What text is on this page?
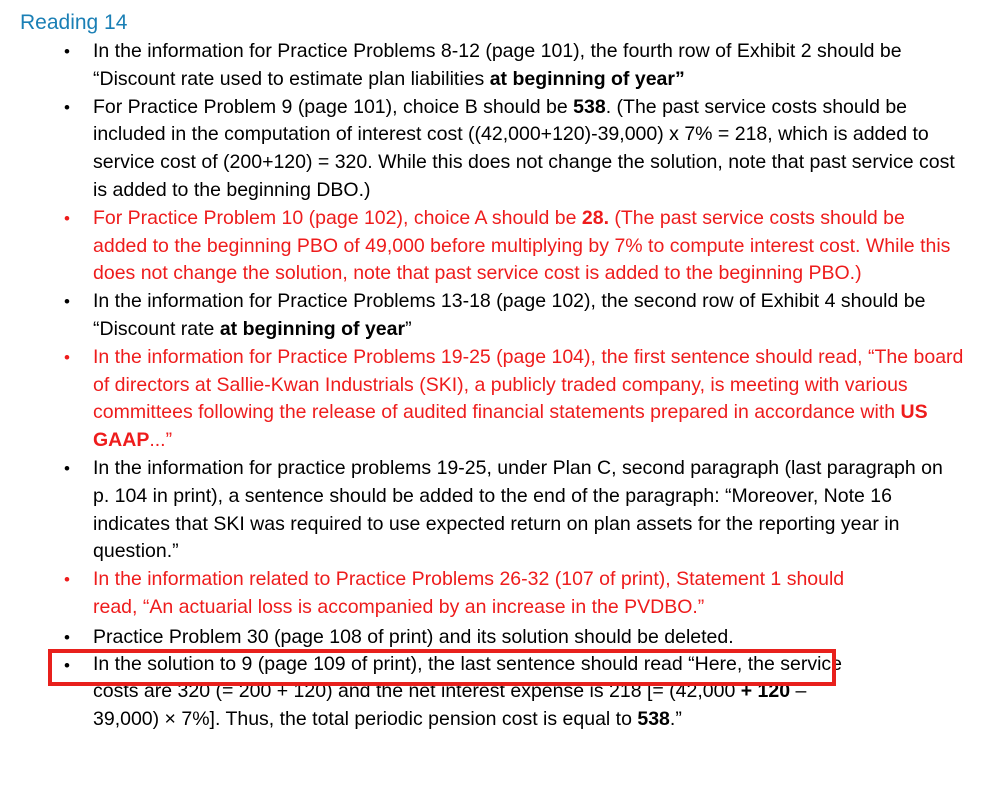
Reading 14
• In the information for Practice Problems 8-12 (page 101), the fourth row of Exhibit 2 should be “Discount rate used to estimate plan liabilities at beginning of year”
• For Practice Problem 9 (page 101), choice B should be 538. (The past service costs should be included in the computation of interest cost ((42,000+120)-39,000) x 7% = 218, which is added to service cost of (200+120) = 320. While this does not change the solution, note that past service cost is added to the beginning DBO.)
• For Practice Problem 10 (page 102), choice A should be 28. (The past service costs should be added to the beginning PBO of 49,000 before multiplying by 7% to compute interest cost. While this does not change the solution, note that past service cost is added to the beginning PBO.)
• In the information for Practice Problems 13-18 (page 102), the second row of Exhibit 4 should be “Discount rate at beginning of year”
• In the information for Practice Problems 19-25 (page 104), the first sentence should read, “The board of directors at Sallie-Kwan Industrials (SKI), a publicly traded company, is meeting with various committees following the release of audited financial statements prepared in accordance with US GAAP...”
• In the information for practice problems 19-25, under Plan C, second paragraph (last paragraph on p. 104 in print), a sentence should be added to the end of the paragraph: “Moreover, Note 16 indicates that SKI was required to use expected return on plan assets for the reporting year in question.”
• In the information related to Practice Problems 26-32 (107 of print), Statement 1 should
read, “An actuarial loss is accompanied by an increase in the PVDBO.”
• Practice Problem 30 (page 108 of print) and its solution should be deleted.
• In the solution to 9 (page 109 of print), the last sentence should read “Here, the service
costs are 320 (= 200 + 120) and the net interest expense is 218 [= (42,000 + 120 –
39,000) × 7%]. Thus, the total periodic pension cost is equal to 538.”
